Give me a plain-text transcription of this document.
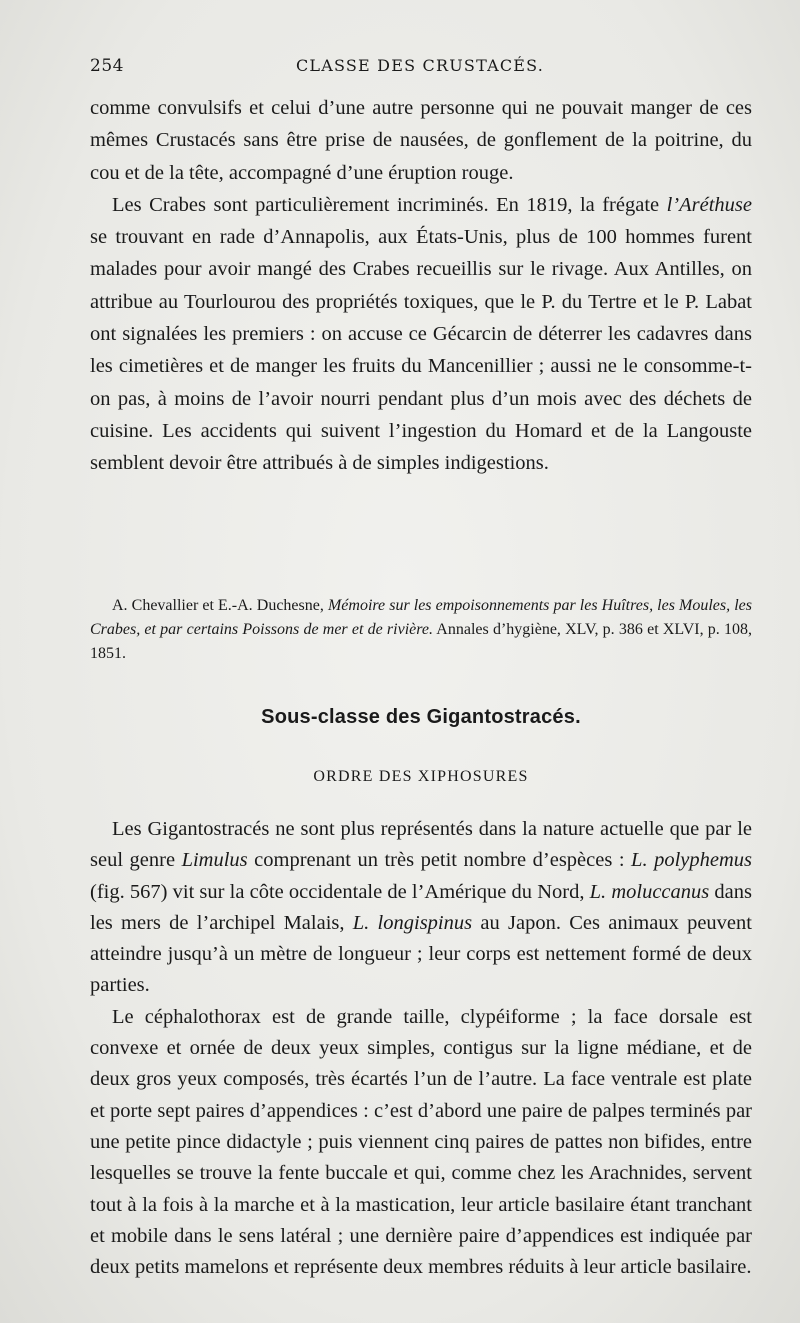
254	CLASSE DES CRUSTACÉS.

comme convulsifs et celui d’une autre personne qui ne pouvait manger de ces mêmes Crustacés sans être prise de nausées, de gonflement de la poitrine, du cou et de la tête, accompagné d’une éruption rouge.

Les Crabes sont particulièrement incriminés. En 1819, la frégate l’Aréthuse se trouvant en rade d’Annapolis, aux États-Unis, plus de 100 hommes furent malades pour avoir mangé des Crabes recueillis sur le rivage. Aux Antilles, on attribue au Tourlourou des propriétés toxiques, que le P. du Tertre et le P. Labat ont signalées les premiers : on accuse ce Gécarcin de déterrer les cadavres dans les cimetières et de manger les fruits du Mancenillier ; aussi ne le consomme-t-on pas, à moins de l’avoir nourri pendant plus d’un mois avec des déchets de cuisine. Les accidents qui suivent l’ingestion du Homard et de la Langouste semblent devoir être attribués à de simples indigestions.

A. Chevallier et E.-A. Duchesne, Mémoire sur les empoisonnements par les Huîtres, les Moules, les Crabes, et par certains Poissons de mer et de rivière. Annales d’hygiène, XLV, p. 386 et XLVI, p. 108, 1851.
Sous-classe des Gigantostracés.
ORDRE DES XIPHOSURES

Les Gigantostracés ne sont plus représentés dans la nature actuelle que par le seul genre Limulus comprenant un très petit nombre d’espèces : L. polyphemus (fig. 567) vit sur la côte occidentale de l’Amérique du Nord, L. moluccanus dans les mers de l’archipel Malais, L. longispinus au Japon. Ces animaux peuvent atteindre jusqu’à un mètre de longueur ; leur corps est nettement formé de deux parties.

Le céphalothorax est de grande taille, clypéiforme ; la face dorsale est convexe et ornée de deux yeux simples, contigus sur la ligne médiane, et de deux gros yeux composés, très écartés l’un de l’autre. La face ventrale est plate et porte sept paires d’appendices : c’est d’abord une paire de palpes terminés par une petite pince didactyle ; puis viennent cinq paires de pattes non bifides, entre lesquelles se trouve la fente buccale et qui, comme chez les Arachnides, servent tout à la fois à la marche et à la mastication, leur article basilaire étant tranchant et mobile dans le sens latéral ; une dernière paire d’appendices est indiquée par deux petits mamelons et représente deux membres réduits à leur article basilaire.
